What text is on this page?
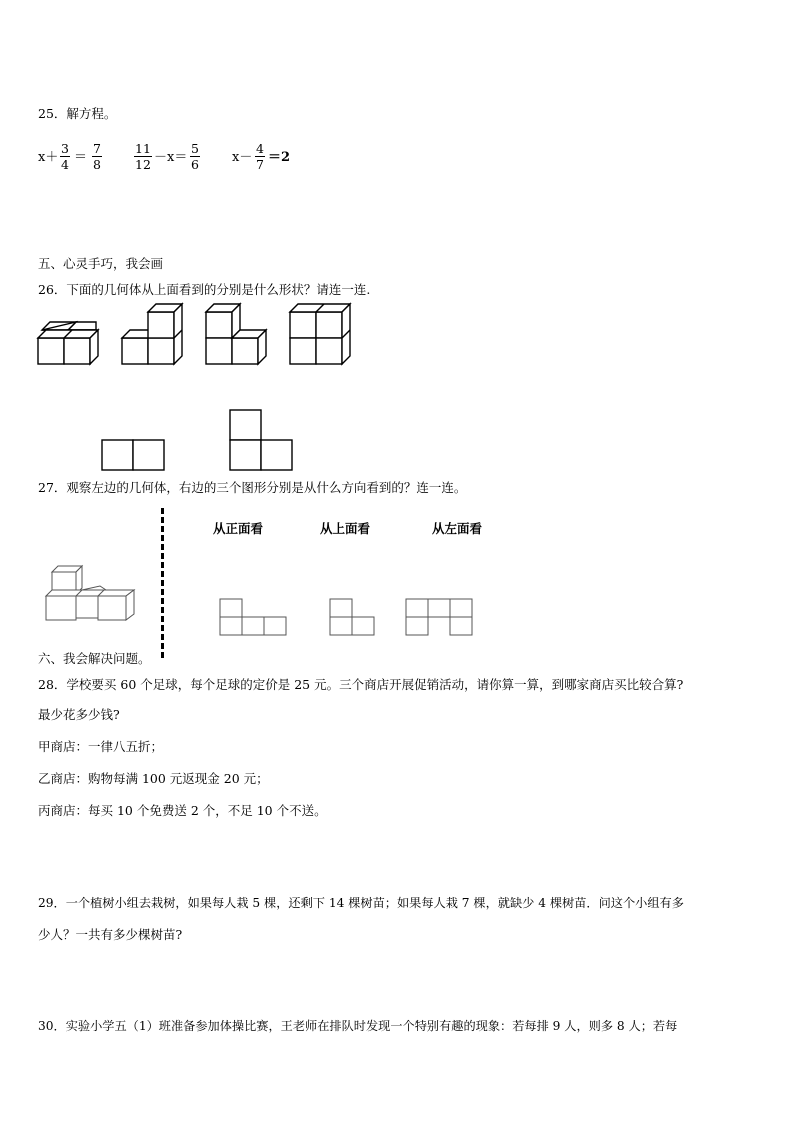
25．解方程。
x＋
3
4 ＝
7
8
11
12 －x＝
5
6	x－
4
7 ＝2
五、心灵手巧，我会画
26．下面的几何体从上面看到的分别是什么形状？请连一连.
27．观察左边的几何体，右边的三个图形分别是从什么方向看到的？连一连。
从正面看	从上面看	从左面看
六、我会解决问题。
28．学校要买 60 个足球，每个足球的定价是 25 元。三个商店开展促销活动，请你算一算，到哪家商店买比较合算?
最少花多少钱?
甲商店：一律八五折；
乙商店：购物每满 100 元返现金 20 元；
丙商店：每买 10 个免费送 2 个，不足 10 个不送。
29．一个植树小组去栽树，如果每人栽 5 棵，还剩下 14 棵树苗；如果每人栽 7 棵，就缺少 4 棵树苗．问这个小组有多
少人？一共有多少棵树苗?
30．实验小学五（1）班准备参加体操比赛，王老师在排队时发现一个特别有趣的现象：若每排 9 人，则多 8 人；若每
